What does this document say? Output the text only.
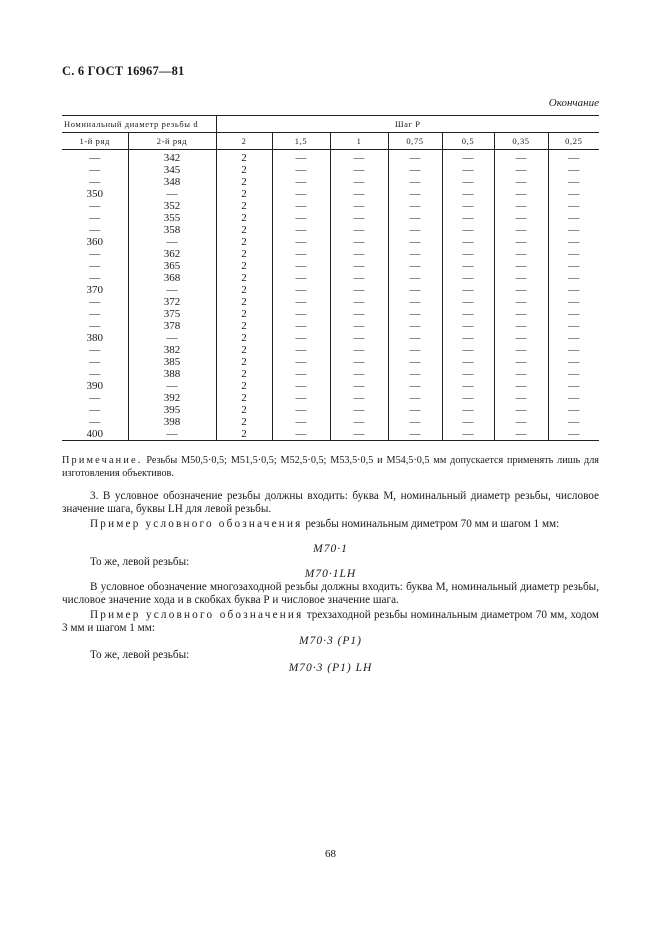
С. 6 ГОСТ 16967—81
Окончание
Номинальный диаметр резьбы d		Шаг P						
1-й ряд	2-й ряд	2	1,5	1	0,75	0,5	0,35	0,25
—	342	2	—	—	—	—	—	—
—	345	2	—	—	—	—	—	—
—	348	2	—	—	—	—	—	—
350	—	2	—	—	—	—	—	—
—	352	2	—	—	—	—	—	—
—	355	2	—	—	—	—	—	—
—	358	2	—	—	—	—	—	—
360	—	2	—	—	—	—	—	—
—	362	2	—	—	—	—	—	—
—	365	2	—	—	—	—	—	—
—	368	2	—	—	—	—	—	—
370	—	2	—	—	—	—	—	—
—	372	2	—	—	—	—	—	—
—	375	2	—	—	—	—	—	—
—	378	2	—	—	—	—	—	—
380	—	2	—	—	—	—	—	—
—	382	2	—	—	—	—	—	—
—	385	2	—	—	—	—	—	—
—	388	2	—	—	—	—	—	—
390	—	2	—	—	—	—	—	—
—	392	2	—	—	—	—	—	—
—	395	2	—	—	—	—	—	—
—	398	2	—	—	—	—	—	—
400	—	2	—	—	—	—	—	—
Примечание. Резьбы М50,5·0,5; М51,5·0,5; М52,5·0,5; М53,5·0,5 и М54,5·0,5 мм допускается применять лишь для изготовления объективов.
3. В условное обозначение резьбы должны входить: буква М, номинальный диаметр резьбы, числовое значение шага, буквы LH для левой резьбы.
Пример условного обозначения резьбы номинальным диметром 70 мм и шагом 1 мм:
М70·1
То же, левой резьбы:
М70·1LH
В условное обозначение многозаходной резьбы должны входить: буква М, номинальный диаметр резьбы, числовое значение хода и в скобках буква Р и числовое значение шага.
Пример условного обозначения трехзаходной резьбы номинальным диаметром 70 мм, ходом 3 мм и шагом 1 мм:
М70·3 (P1)
То же, левой резьбы:
М70·3 (P1) LH
68
